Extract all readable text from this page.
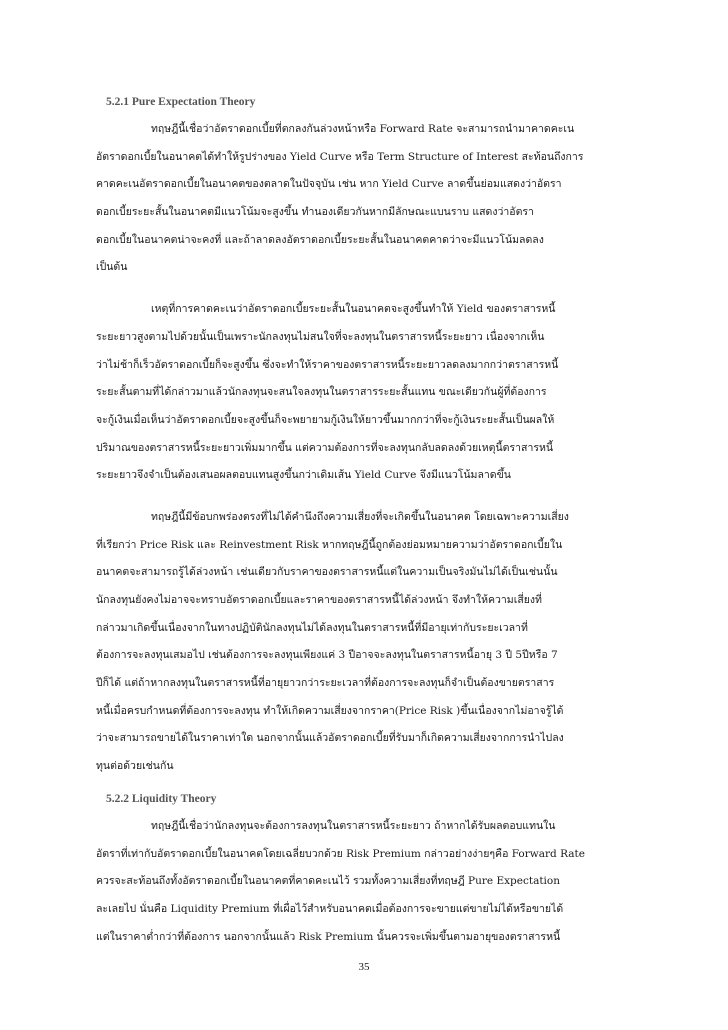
5.2.1 Pure Expectation Theory
ทฤษฎีนี้เชื่อว่าอัตราดอกเบี้ยที่ตกลงกันล่วงหน้าหรือ Forward Rate จะสามารถนำมาคาดคะเน
อัตราดอกเบี้ยในอนาคตได้ทำให้รูปร่างของ Yield Curve หรือ Term Structure of Interest สะท้อนถึงการ
คาดคะเนอัตราดอกเบี้ยในอนาคตของตลาดในปัจจุบัน เช่น หาก Yield Curve ลาดขึ้นย่อมแสดงว่าอัตรา
ดอกเบี้ยระยะสั้นในอนาคตมีแนวโน้มจะสูงขึ้น ทำนองเดียวกันหากมีลักษณะแบนราบ แสดงว่าอัตรา
ดอกเบี้ยในอนาคตน่าจะคงที่ และถ้าลาดลงอัตราดอกเบี้ยระยะสั้นในอนาคตคาดว่าจะมีแนวโน้มลดลง
เป็นต้น
เหตุที่การคาดคะเนว่าอัตราดอกเบี้ยระยะสั้นในอนาคตจะสูงขึ้นทำให้ Yield ของตราสารหนี้
ระยะยาวสูงตามไปด้วยนั้นเป็นเพราะนักลงทุนไม่สนใจที่จะลงทุนในตราสารหนี้ระยะยาว เนื่องจากเห็น
ว่าไม่ช้าก็เร็วอัตราดอกเบี้ยก็จะสูงขึ้น ซึ่งจะทำให้ราคาของตราสารหนี้ระยะยาวลดลงมากกว่าตราสารหนี้
ระยะสั้นตามที่ได้กล่าวมาแล้วนักลงทุนจะสนใจลงทุนในตราสารระยะสั้นแทน ขณะเดียวกันผู้ที่ต้องการ
จะกู้เงินเมื่อเห็นว่าอัตราดอกเบี้ยจะสูงขึ้นก็จะพยายามกู้เงินให้ยาวขึ้นมากกว่าที่จะกู้เงินระยะสั้นเป็นผลให้
ปริมาณของตราสารหนี้ระยะยาวเพิ่มมากขึ้น แต่ความต้องการที่จะลงทุนกลับลดลงด้วยเหตุนี้ตราสารหนี้
ระยะยาวจึงจำเป็นต้องเสนอผลตอบแทนสูงขึ้นกว่าเดิมเส้น Yield Curve จึงมีแนวโน้มลาดขึ้น
ทฤษฎีนี้มีข้อบกพร่องตรงที่ไม่ได้คำนึงถึงความเสี่ยงที่จะเกิดขึ้นในอนาคต โดยเฉพาะความเสี่ยง
ที่เรียกว่า Price Risk และ Reinvestment Risk หากทฤษฎีนี้ถูกต้องย่อมหมายความว่าอัตราดอกเบี้ยใน
อนาคตจะสามารถรู้ได้ล่วงหน้า เช่นเดียวกับราคาของตราสารหนี้แต่ในความเป็นจริงมันไม่ได้เป็นเช่นนั้น
นักลงทุนยังคงไม่อาจจะทราบอัตราดอกเบี้ยและราคาของตราสารหนี้ได้ล่วงหน้า จึงทำให้ความเสี่ยงที่
กล่าวมาเกิดขึ้นเนื่องจากในทางปฏิบัตินักลงทุนไม่ได้ลงทุนในตราสารหนี้ที่มีอายุเท่ากับระยะเวลาที่
ต้องการจะลงทุนเสมอไป เช่นต้องการจะลงทุนเพียงแค่ 3 ปีอาจจะลงทุนในตราสารหนี้อายุ 3 ปี 5ปีหรือ 7
ปีก็ได้ แต่ถ้าหากลงทุนในตราสารหนี้ที่อายุยาวกว่าระยะเวลาที่ต้องการจะลงทุนก็จำเป็นต้องขายตราสาร
หนี้เมื่อครบกำหนดที่ต้องการจะลงทุน ทำให้เกิดความเสี่ยงจากราคา(Price Risk )ขึ้นเนื่องจากไม่อาจรู้ได้
ว่าจะสามารถขายได้ในราคาเท่าใด นอกจากนั้นแล้วอัตราดอกเบี้ยที่รับมาก็เกิดความเสี่ยงจากการนำไปลง
ทุนต่อด้วยเช่นกัน
5.2.2 Liquidity Theory
ทฤษฎีนี้เชื่อว่านักลงทุนจะต้องการลงทุนในตราสารหนี้ระยะยาว ถ้าหากได้รับผลตอบแทนใน
อัตราที่เท่ากับอัตราดอกเบี้ยในอนาคตโดยเฉลี่ยบวกด้วย Risk Premium กล่าวอย่างง่ายๆคือ Forward Rate
ควรจะสะท้อนถึงทั้งอัตราดอกเบี้ยในอนาคตที่คาดคะเนไว้ รวมทั้งความเสี่ยงที่ทฤษฎี Pure Expectation
ละเลยไป นั่นคือ Liquidity Premium ที่เผื่อไว้สำหรับอนาคตเมื่อต้องการจะขายแต่ขายไม่ได้หรือขายได้
แต่ในราคาต่ำกว่าที่ต้องการ นอกจากนั้นแล้ว Risk Premium นั้นควรจะเพิ่มขึ้นตามอายุของตราสารหนี้
35
